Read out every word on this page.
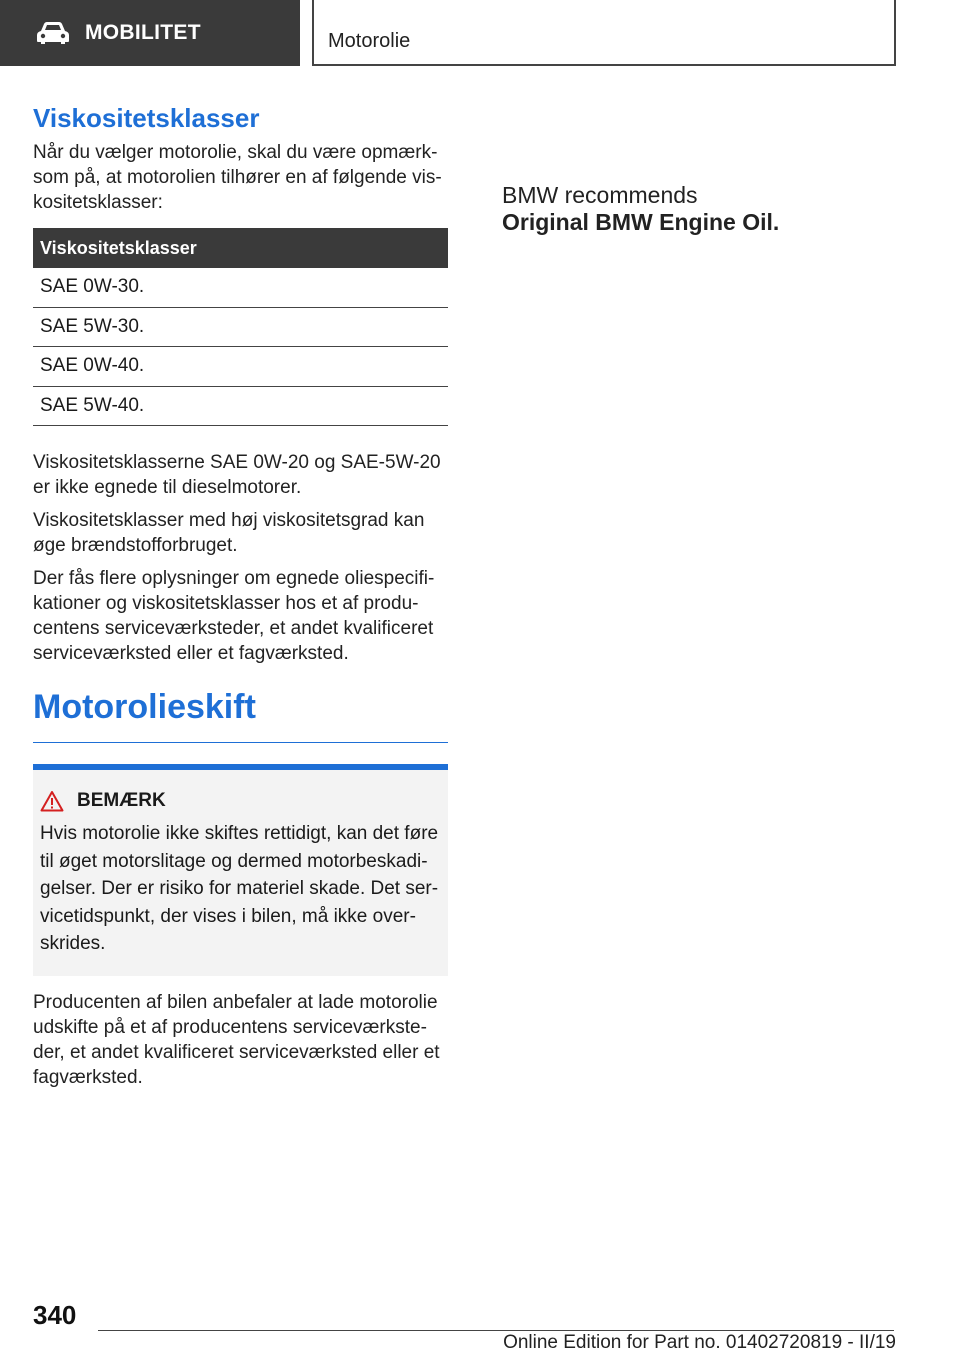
MOBILITET	Motorolie
Viskositetsklasser
Når du vælger motorolie, skal du være opmærk‐ som på, at motorolien tilhører en af følgende vis‐ kositetsklasser:
Viskositetsklasser
SAE 0W-30.
SAE 5W-30.
SAE 0W-40.
SAE 5W-40.
Viskositetsklasserne SAE 0W-20 og SAE-5W-20 er ikke egnede til dieselmotorer.
Viskositetsklasser med høj viskositetsgrad kan øge brændstofforbruget.
Der fås flere oplysninger om egnede oliespecifi‐ kationer og viskositetsklasser hos et af produ‐ centens serviceværksteder, et andet kvalificeret serviceværksted eller et fagværksted.
Motorolieskift
BEMÆRK
Hvis motorolie ikke skiftes rettidigt, kan det føre til øget motorslitage og dermed motorbeskadi‐ gelser. Der er risiko for materiel skade. Det ser‐ vicetidspunkt, der vises i bilen, må ikke over‐ skrides.
Producenten af bilen anbefaler at lade motorolie udskifte på et af producentens serviceværkste‐ der, et andet kvalificeret serviceværksted eller et fagværksted.
BMW recommends
Original BMW Engine Oil.
340
Online Edition for Part no. 01402720819 - II/19
